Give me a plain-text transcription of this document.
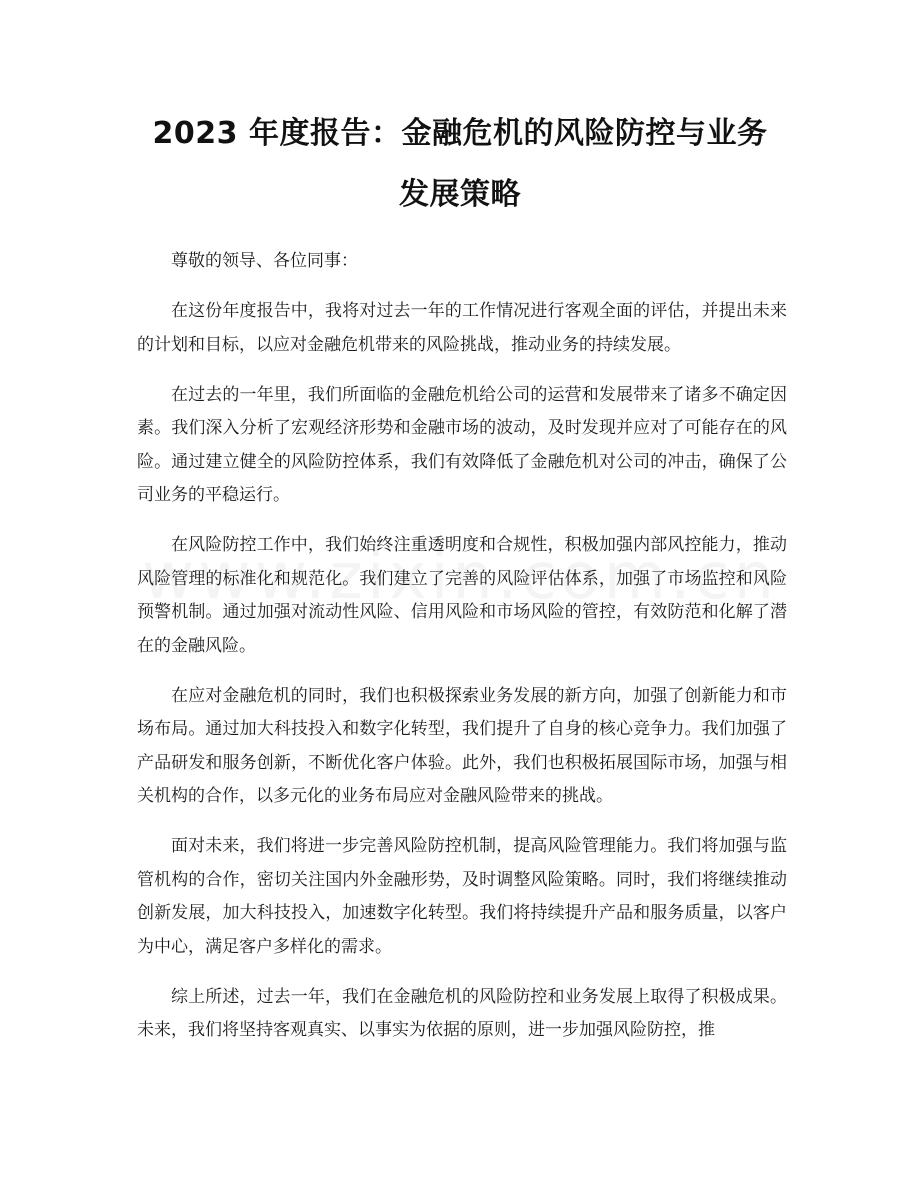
2023 年度报告：金融危机的风险防控与业务
发展策略

尊敬的领导、各位同事：

在这份年度报告中，我将对过去一年的工作情况进行客观全面的评估，并提出未来的计划和目标，以应对金融危机带来的风险挑战，推动业务的持续发展。

在过去的一年里，我们所面临的金融危机给公司的运营和发展带来了诸多不确定因素。我们深入分析了宏观经济形势和金融市场的波动，及时发现并应对了可能存在的风险。通过建立健全的风险防控体系，我们有效降低了金融危机对公司的冲击，确保了公司业务的平稳运行。

在风险防控工作中，我们始终注重透明度和合规性，积极加强内部风控能力，推动风险管理的标准化和规范化。我们建立了完善的风险评估体系，加强了市场监控和风险预警机制。通过加强对流动性风险、信用风险和市场风险的管控，有效防范和化解了潜在的金融风险。

在应对金融危机的同时，我们也积极探索业务发展的新方向，加强了创新能力和市场布局。通过加大科技投入和数字化转型，我们提升了自身的核心竞争力。我们加强了产品研发和服务创新，不断优化客户体验。此外，我们也积极拓展国际市场，加强与相关机构的合作，以多元化的业务布局应对金融风险带来的挑战。

面对未来，我们将进一步完善风险防控机制，提高风险管理能力。我们将加强与监管机构的合作，密切关注国内外金融形势，及时调整风险策略。同时，我们将继续推动创新发展，加大科技投入，加速数字化转型。我们将持续提升产品和服务质量，以客户为中心，满足客户多样化的需求。

综上所述，过去一年，我们在金融危机的风险防控和业务发展上取得了积极成果。未来，我们将坚持客观真实、以事实为依据的原则，进一步加强风险防控，推
